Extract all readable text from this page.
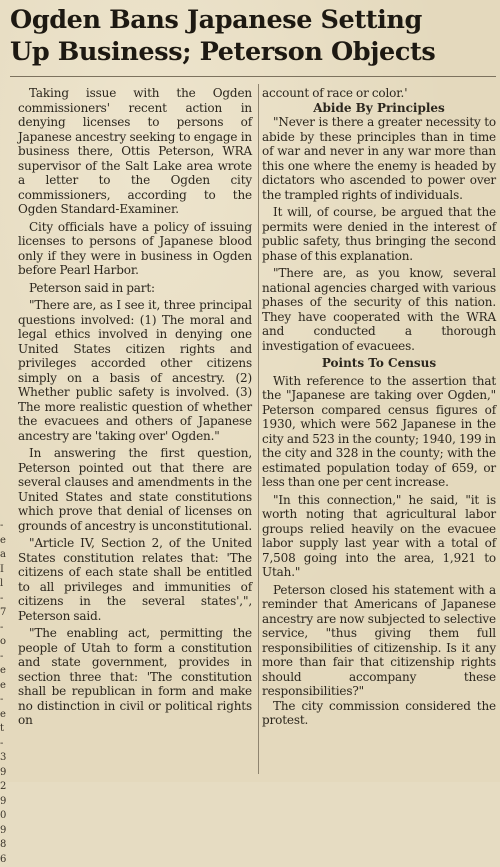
Ogden Bans Japanese Setting
Up Business; Peterson Objects
-
e
a
I
l
-
7
-
o
-
e
e
-
e
t
-
3
9
2
9
0
9
8
6

Taking issue with the Ogden commissioners' recent action in denying licenses to persons of Japanese ancestry seeking to engage in business there, Ottis Peterson, WRA supervisor of the Salt Lake area wrote a letter to the Ogden city commissioners, according to the Ogden Standard-Examiner.

City officials have a policy of issuing licenses to persons of Japanese blood only if they were in business in Ogden before Pearl Harbor.

Peterson said in part:

"There are, as I see it, three principal questions involved: (1) The moral and legal ethics involved in denying one United States citizen rights and privileges accorded other citizens simply on a basis of ancestry. (2) Whether public safety is involved. (3) The more realistic question of whether the evacuees and others of Japanese ancestry are 'taking over' Ogden."

In answering the first question, Peterson pointed out that there are several clauses and amendments in the United States and state constitutions which prove that denial of licenses on grounds of ancestry is unconstitutional.

"Article IV, Section 2, of the United States constitution relates that: 'The citizens of each state shall be entitled to all privileges and immunities of citizens in the several states',", Peterson said.

"The enabling act, permitting the people of Utah to form a constitution and state government, provides in section three that: 'The constitution shall be republican in form and make no distinction in civil or political rights on

account of race or color.'

Abide By Principles

"Never is there a greater necessity to abide by these principles than in time of war and never in any war more than this one where the enemy is headed by dictators who ascended to power over the trampled rights of individuals.

It will, of course, be argued that the permits were denied in the interest of public safety, thus bringing the second phase of this explanation.

"There are, as you know, several national agencies charged with various phases of the security of this nation. They have cooperated with the WRA and conducted a thorough investigation of evacuees.

Points To Census

With reference to the assertion that the "Japanese are taking over Ogden," Peterson compared census figures of 1930, which were 562 Japanese in the city and 523 in the county; 1940, 199 in the city and 328 in the county; with the estimated population today of 659, or less than one per cent increase.

"In this connection," he said, "it is worth noting that agricultural labor groups relied heavily on the evacuee labor supply last year with a total of 7,508 going into the area, 1,921 to Utah."

Peterson closed his statement with a reminder that Americans of Japanese ancestry are now subjected to selective service, "thus giving them full responsibilities of citizenship. Is it any more than fair that citizenship rights should accompany these responsibilities?"

The city commission considered the protest.
